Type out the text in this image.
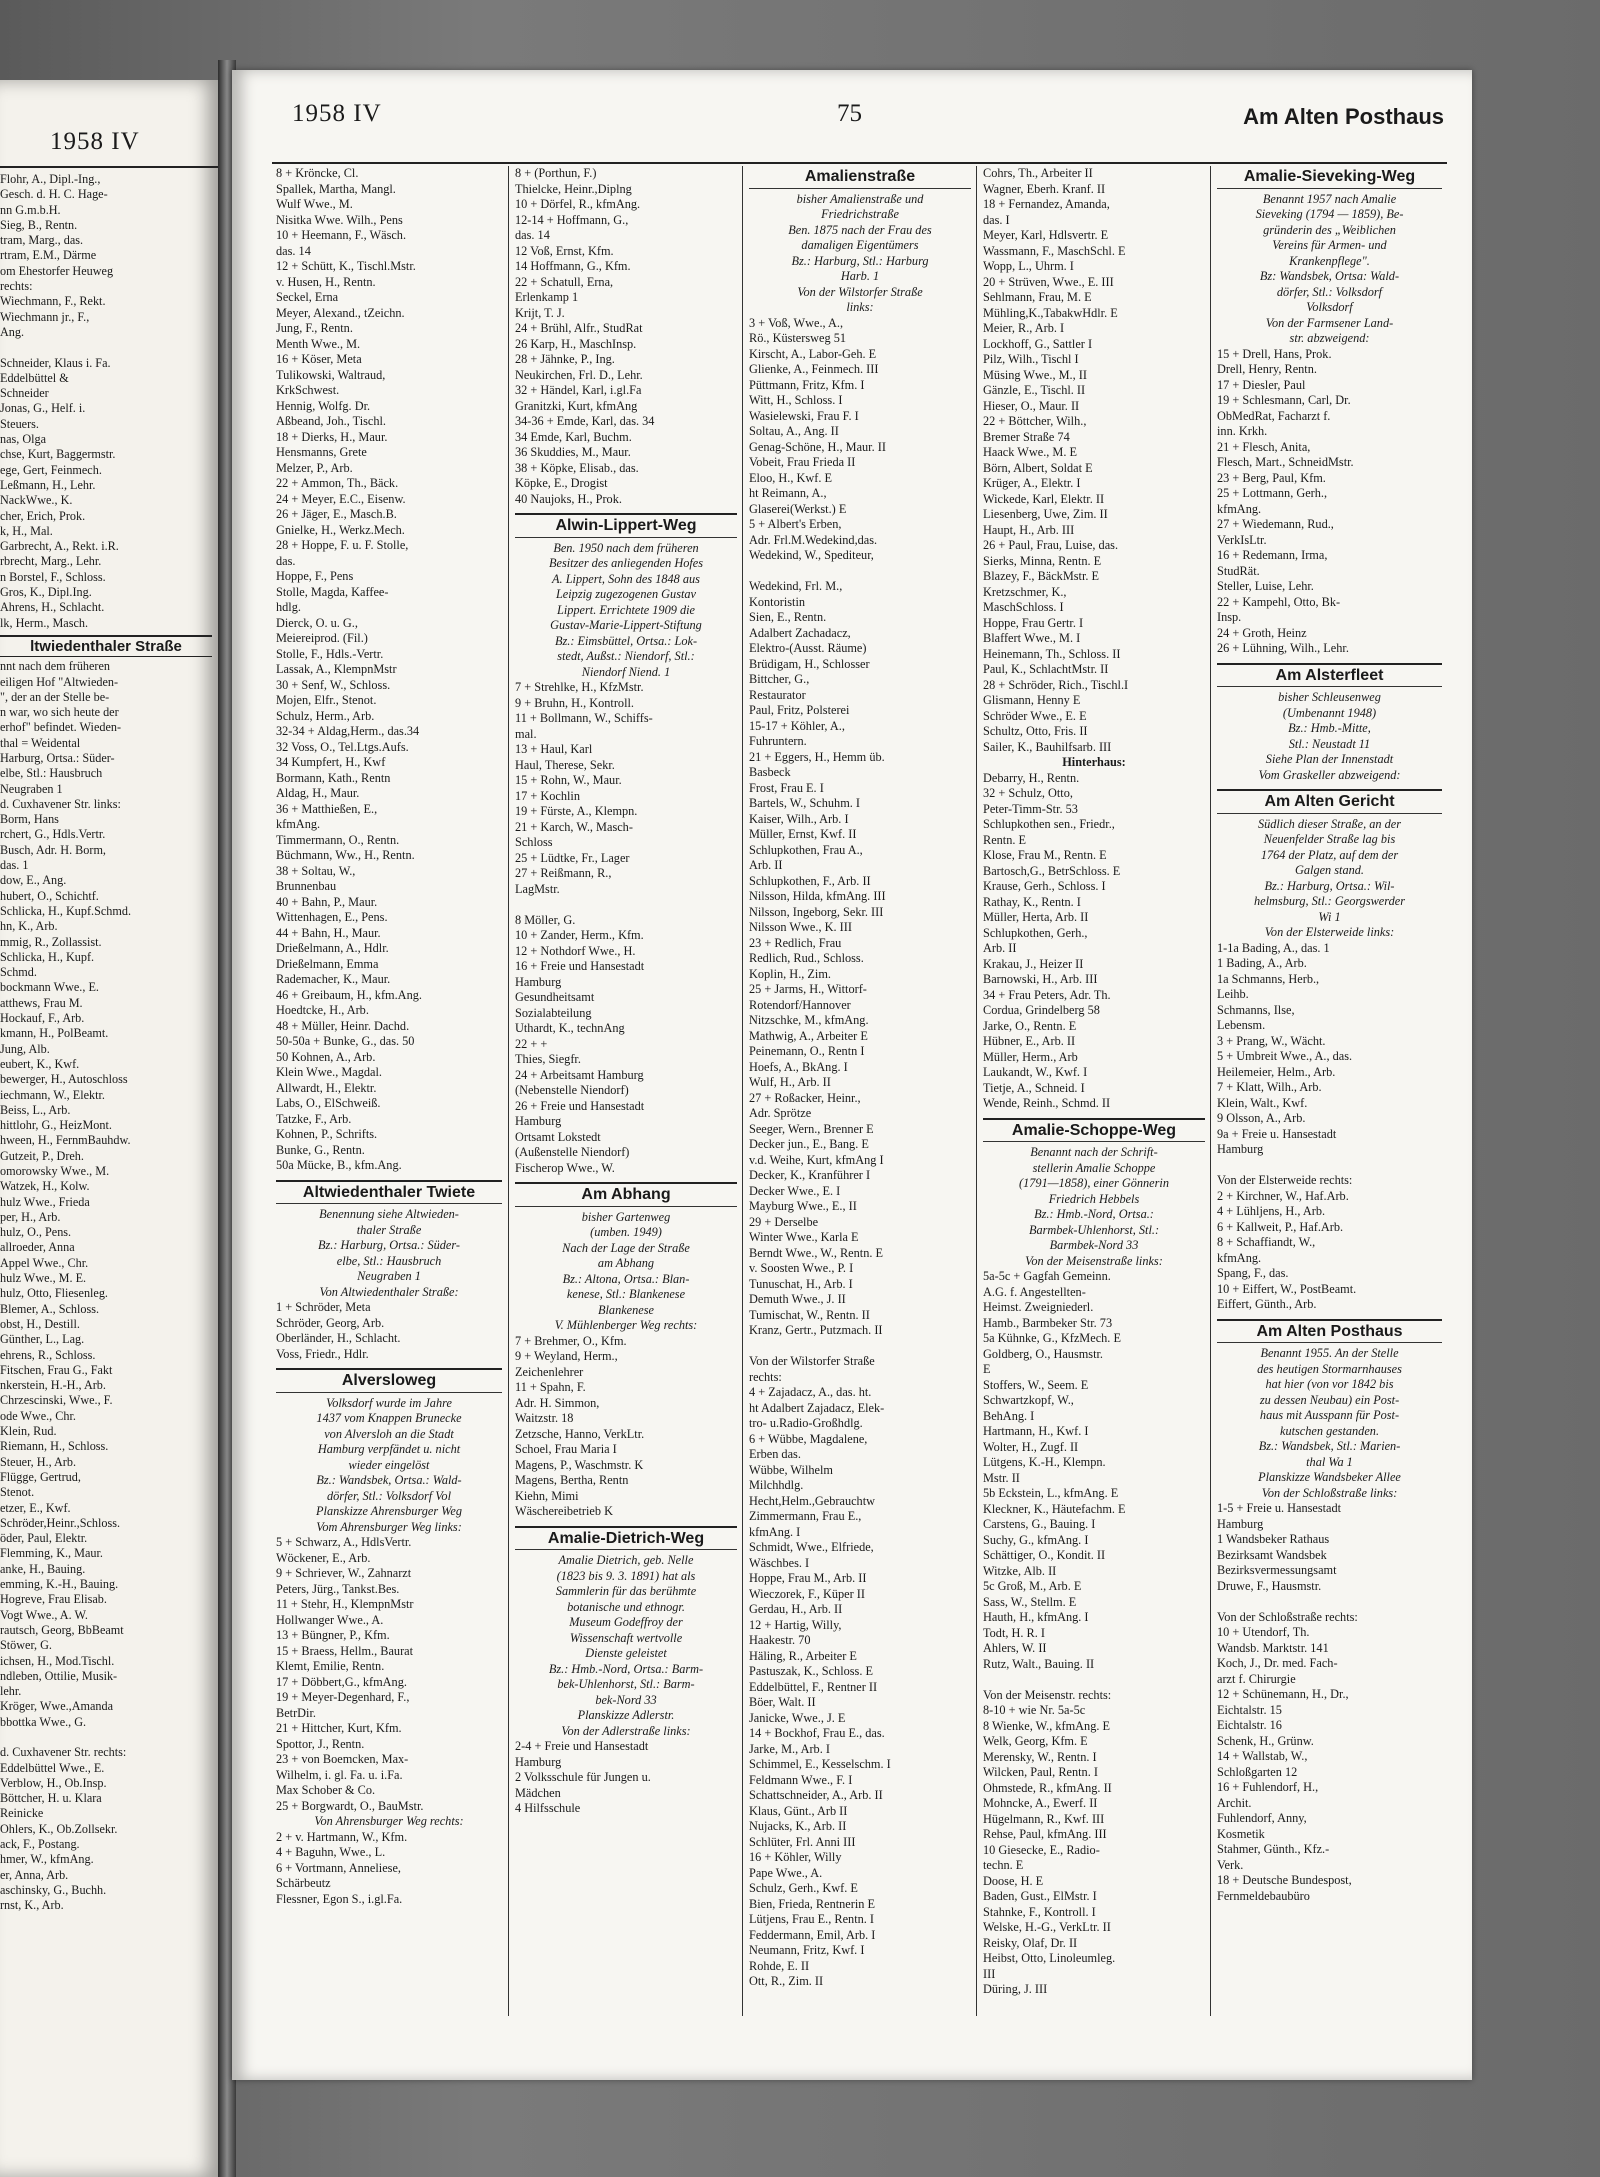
1958 IV
Flohr, A., Dipl.-Ing.,
Gesch. d. H. C. Hage-
nn G.m.b.H.
Sieg, B., Rentn.
tram, Marg., das.
rtram, E.M., Därme
om Ehestorfer Heuweg
rechts:
Wiechmann, F., Rekt.
Wiechmann jr., F.,
Ang.

Schneider, Klaus i. Fa.
Eddelbüttel &
Schneider
Jonas, G., Helf. i.
Steuers.
nas, Olga
chse, Kurt, Baggermstr.
ege, Gert, Feinmech.
Leßmann, H., Lehr.
NackWwe., K.
cher, Erich, Prok.
k, H., Mal.
Garbrecht, A., Rekt. i.R.
rbrecht, Marg., Lehr.
n Borstel, F., Schloss.
Gros, K., Dipl.Ing.
Ahrens, H., Schlacht.
lk, Herm., Masch.
ltwiedenthaler Straße
nnt nach dem früheren
eiligen Hof "Altwieden-
", der an der Stelle be-
n war, wo sich heute der
erhof" befindet. Wieden-
thal = Weidental
Harburg, Ortsa.: Süder-
elbe, Stl.: Hausbruch
Neugraben 1
d. Cuxhavener Str. links:
Borm, Hans
rchert, G., Hdls.Vertr.
Busch, Adr. H. Borm,
das. 1
dow, E., Ang.
hubert, O., Schichtf.
Schlicka, H., Kupf.Schmd.
hn, K., Arb.
mmig, R., Zollassist.
Schlicka, H., Kupf.
Schmd.
bockmann Wwe., E.
atthews, Frau M.
Hockauf, F., Arb.
kmann, H., PolBeamt.
Jung, Alb.
eubert, K., Kwf.
bewerger, H., Autoschloss
iechmann, W., Elektr.
Beiss, L., Arb.
hittlohr, G., HeizMont.
hween, H., FernmBauhdw.
Gutzeit, P., Dreh.
omorowsky Wwe., M.
Watzek, H., Kolw.
hulz Wwe., Frieda
per, H., Arb.
hulz, O., Pens.
allroeder, Anna
Appel Wwe., Chr.
hulz Wwe., M. E.
hulz, Otto, Fliesenleg.
Blemer, A., Schloss.
obst, H., Destill.
Günther, L., Lag.
ehrens, R., Schloss.
Fitschen, Frau G., Fakt
nkerstein, H.-H., Arb.
Chrzescinski, Wwe., F.
ode Wwe., Chr.
Klein, Rud.
Riemann, H., Schloss.
Steuer, H., Arb.
Flügge, Gertrud,
Stenot.
etzer, E., Kwf.
Schröder,Heinr.,Schloss.
öder, Paul, Elektr.
Flemming, K., Maur.
anke, H., Bauing.
emming, K.-H., Bauing.
Hogreve, Frau Elisab.
Vogt Wwe., A. W.
rautsch, Georg, BbBeamt
Stöwer, G.
ichsen, H., Mod.Tischl.
ndleben, Ottilie, Musik-
lehr.
Kröger, Wwe.,Amanda
bbottka Wwe., G.

d. Cuxhavener Str. rechts:
Eddelbüttel Wwe., E.
Verblow, H., Ob.Insp.
Böttcher, H. u. Klara
Reinicke
Ohlers, K., Ob.Zollsekr.
ack, F., Postang.
hmer, W., kfmAng.
er, Anna, Arb.
aschinsky, G., Buchh.
rnst, K., Arb.
1958 IV	75	Am Alten Posthaus
8 + Kröncke, Cl.
Spallek, Martha, Mangl.
Wulf Wwe., M.
Nisitka Wwe. Wilh., Pens
10 + Heemann, F., Wäsch.
das. 14
12 + Schütt, K., Tischl.Mstr.
v. Husen, H., Rentn.
Seckel, Erna
Meyer, Alexand., tZeichn.
Jung, F., Rentn.
Menth Wwe., M.
16 + Köser, Meta
Tulikowski, Waltraud,
KrkSchwest.
Hennig, Wolfg. Dr.
Aßbeand, Joh., Tischl.
18 + Dierks, H., Maur.
Hensmanns, Grete
Melzer, P., Arb.
22 + Ammon, Th., Bäck.
24 + Meyer, E.C., Eisenw.
26 + Jäger, E., Masch.B.
Gnielke, H., Werkz.Mech.
28 + Hoppe, F. u. F. Stolle,
das.
Hoppe, F., Pens
Stolle, Magda, Kaffee-
hdlg.
Dierck, O. u. G.,
Meiereiprod. (Fil.)
Stolle, F., Hdls.-Vertr.
Lassak, A., KlempnMstr
30 + Senf, W., Schloss.
Mojen, Elfr., Stenot.
Schulz, Herm., Arb.
32-34 + Aldag,Herm., das.34
32 Voss, O., Tel.Ltgs.Aufs.
34 Kumpfert, H., Kwf
Bormann, Kath., Rentn
Aldag, H., Maur.
36 + Matthießen, E.,
kfmAng.
Timmermann, O., Rentn.
Büchmann, Ww., H., Rentn.
38 + Soltau, W.,
Brunnenbau
40 + Bahn, P., Maur.
Wittenhagen, E., Pens.
44 + Bahn, H., Maur.
Drießelmann, A., Hdlr.
Drießelmann, Emma
Rademacher, K., Maur.
46 + Greibaum, H., kfm.Ang.
Hoedtcke, H., Arb.
48 + Müller, Heinr. Dachd.
50-50a + Bunke, G., das. 50
50 Kohnen, A., Arb.
Klein Wwe., Magdal.
Allwardt, H., Elektr.
Labs, O., ElSchweiß.
Tatzke, F., Arb.
Kohnen, P., Schrifts.
Bunke, G., Rentn.
50a Mücke, B., kfm.Ang.
Altwiedenthaler Twiete
Benennung siehe Altwieden-
thaler Straße
Bz.: Harburg, Ortsa.: Süder-
elbe, Stl.: Hausbruch
Neugraben 1
Von Altwiedenthaler Straße:
1 + Schröder, Meta
Schröder, Georg, Arb.
Oberländer, H., Schlacht.
Voss, Friedr., Hdlr.
Alversloweg
Volksdorf wurde im Jahre
1437 vom Knappen Brunecke
von Alversloh an die Stadt
Hamburg verpfändet u. nicht
wieder eingelöst
Bz.: Wandsbek, Ortsa.: Wald-
dörfer, Stl.: Volksdorf Vol
Planskizze Ahrensburger Weg
Vom Ahrensburger Weg links:
5 + Schwarz, A., HdlsVertr.
Wöckener, E., Arb.
9 + Schriever, W., Zahnarzt
Peters, Jürg., Tankst.Bes.
11 + Stehr, H., KlempnMstr
Hollwanger Wwe., A.
13 + Büngner, P., Kfm.
15 + Braess, Hellm., Baurat
Klemt, Emilie, Rentn.
17 + Döbbert,G., kfmAng.
19 + Meyer-Degenhard, F.,
BetrDir.
21 + Hittcher, Kurt, Kfm.
Spottor, J., Rentn.
23 + von Boemcken, Max-
Wilhelm, i. gl. Fa. u. i.Fa.
Max Schober & Co.
25 + Borgwardt, O., BauMstr.
Von Ahrensburger Weg rechts:
2 + v. Hartmann, W., Kfm.
4 + Baguhn, Wwe., L.
6 + Vortmann, Anneliese,
Schärbeutz
Flessner, Egon S., i.gl.Fa.
8 + (Porthun, F.)
Thielcke, Heinr.,Diplng
10 + Dörfel, R., kfmAng.
12-14 + Hoffmann, G.,
das. 14
12 Voß, Ernst, Kfm.
14 Hoffmann, G., Kfm.
22 + Schatull, Erna,
Erlenkamp 1
Krijt, T. J.
24 + Brühl, Alfr., StudRat
26 Karp, H., MaschInsp.
28 + Jähnke, P., Ing.
Neukirchen, Frl. D., Lehr.
32 + Händel, Karl, i.gl.Fa
Granitzki, Kurt, kfmAng
34-36 + Emde, Karl, das. 34
34 Emde, Karl, Buchm.
36 Skuddies, M., Maur.
38 + Köpke, Elisab., das.
Köpke, E., Drogist
40 Naujoks, H., Prok.
Alwin-Lippert-Weg
Ben. 1950 nach dem früheren
Besitzer des anliegenden Hofes
A. Lippert, Sohn des 1848 aus
Leipzig zugezogenen Gustav
Lippert. Errichtete 1909 die
Gustav-Marie-Lippert-Stiftung
Bz.: Eimsbüttel, Ortsa.: Lok-
stedt, Außst.: Niendorf, Stl.:
Niendorf Niend. 1
7 + Strehlke, H., KfzMstr.
9 + Bruhn, H., Kontroll.
11 + Bollmann, W., Schiffs-
mal.
13 + Haul, Karl
Haul, Therese, Sekr.
15 + Rohn, W., Maur.
17 + Kochlin
19 + Fürste, A., Klempn.
21 + Karch, W., Masch-
Schloss
25 + Lüdtke, Fr., Lager
27 + Reißmann, R.,
LagMstr.

8 Möller, G.
10 + Zander, Herm., Kfm.
12 + Nothdorf Wwe., H.
16 + Freie und Hansestadt
Hamburg
Gesundheitsamt
Sozialabteilung
Uthardt, K., technAng
22 + +
Thies, Siegfr.
24 + Arbeitsamt Hamburg
(Nebenstelle Niendorf)
26 + Freie und Hansestadt
Hamburg
Ortsamt Lokstedt
(Außenstelle Niendorf)
Fischerop Wwe., W.
Am Abhang
bisher Gartenweg
(umben. 1949)
Nach der Lage der Straße
am Abhang
Bz.: Altona, Ortsa.: Blan-
kenese, Stl.: Blankenese
Blankenese
V. Mühlenberger Weg rechts:
7 + Brehmer, O., Kfm.
9 + Weyland, Herm.,
Zeichenlehrer
11 + Spahn, F.
Adr. H. Simmon,
Waitzstr. 18
Zetzsche, Hanno, VerkLtr.
Schoel, Frau Maria I
Magens, P., Waschmstr. K
Magens, Bertha, Rentn
Kiehn, Mimi
Wäschereibetrieb K
Amalie-Dietrich-Weg
Amalie Dietrich, geb. Nelle
(1823 bis 9. 3. 1891) hat als
Sammlerin für das berühmte
botanische und ethnogr.
Museum Godeffroy der
Wissenschaft wertvolle
Dienste geleistet
Bz.: Hmb.-Nord, Ortsa.: Barm-
bek-Uhlenhorst, Stl.: Barm-
bek-Nord 33
Planskizze Adlerstr.
Von der Adlerstraße links:
2-4 + Freie und Hansestadt
Hamburg
2 Volksschule für Jungen u.
Mädchen
4 Hilfsschule
Amalienstraße
bisher Amalienstraße und
Friedrichstraße
Ben. 1875 nach der Frau des
damaligen Eigentümers
Bz.: Harburg, Stl.: Harburg
Harb. 1
Von der Wilstorfer Straße
links:
3 + Voß, Wwe., A.,
Rö., Küstersweg 51
Kirscht, A., Labor-Geh. E
Glienke, A., Feinmech. III
Püttmann, Fritz, Kfm. I
Witt, H., Schloss. I
Wasielewski, Frau F. I
Soltau, A., Ang. II
Genag-Schöne, H., Maur. II
Vobeit, Frau Frieda II
Eloo, H., Kwf. E
ht Reimann, A.,
Glaserei(Werkst.) E
5 + Albert's Erben,
Adr. Frl.M.Wedekind,das.
Wedekind, W., Spediteur,

Wedekind, Frl. M.,
Kontoristin
Sien, E., Rentn.
Adalbert Zachadacz,
Elektro-(Ausst. Räume)
Brüdigam, H., Schlosser
Bittcher, G.,
Restaurator
Paul, Fritz, Polsterei
15-17 + Köhler, A.,
Fuhruntern.
21 + Eggers, H., Hemm üb.
Basbeck
Frost, Frau E. I
Bartels, W., Schuhm. I
Kaiser, Wilh., Arb. I
Müller, Ernst, Kwf. II
Schlupkothen, Frau A.,
Arb. II
Schlupkothen, F., Arb. II
Nilsson, Hilda, kfmAng. III
Nilsson, Ingeborg, Sekr. III
Nilsson Wwe., K. III
23 + Redlich, Frau
Redlich, Rud., Schloss.
Koplin, H., Zim.
25 + Jarms, H., Wittorf-
Rotendorf/Hannover
Nitzschke, M., kfmAng.
Mathwig, A., Arbeiter E
Peinemann, O., Rentn I
Hoefs, A., BkAng. I
Wulf, H., Arb. II
27 + Roßacker, Heinr.,
Adr. Sprötze
Seeger, Wern., Brenner E
Decker jun., E., Bang. E
v.d. Weihe, Kurt, kfmAng I
Decker, K., Kranführer I
Decker Wwe., E. I
Mayburg Wwe., E., II
29 + Derselbe
Winter Wwe., Karla E
Berndt Wwe., W., Rentn. E
v. Soosten Wwe., P. I
Tunuschat, H., Arb. I
Demuth Wwe., J. II
Tumischat, W., Rentn. II
Kranz, Gertr., Putzmach. II

Von der Wilstorfer Straße
rechts:
4 + Zajadacz, A., das. ht.
ht Adalbert Zajadacz, Elek-
tro- u.Radio-Großhdlg.
6 + Wübbe, Magdalene,
Erben das.
Wübbe, Wilhelm
Milchhdlg.
Hecht,Helm.,Gebrauchtw
Zimmermann, Frau E.,
kfmAng. I
Schmidt, Wwe., Elfriede,
Wäschbes. I
Hoppe, Frau M., Arb. II
Wieczorek, F., Küper II
Gerdau, H., Arb. II
12 + Hartig, Willy,
Haakestr. 70
Häling, R., Arbeiter E
Pastuszak, K., Schloss. E
Eddelbüttel, F., Rentner II
Böer, Walt. II
Janicke, Wwe., J. E
14 + Bockhof, Frau E., das.
Jarke, M., Arb. I
Schimmel, E., Kesselschm. I
Feldmann Wwe., F. I
Schattschneider, A., Arb. II
Klaus, Günt., Arb II
Nujacks, K., Arb. II
Schlüter, Frl. Anni III
16 + Köhler, Willy
Pape Wwe., A.
Schulz, Gerh., Kwf. E
Bien, Frieda, Rentnerin E
Lütjens, Frau E., Rentn. I
Feddermann, Emil, Arb. I
Neumann, Fritz, Kwf. I
Rohde, E. II
Ott, R., Zim. II
Cohrs, Th., Arbeiter II
Wagner, Eberh. Kranf. II
18 + Fernandez, Amanda,
das. I
Meyer, Karl, Hdlsvertr. E
Wassmann, F., MaschSchl. E
Wopp, L., Uhrm. I
20 + Strüven, Wwe., E. III
Sehlmann, Frau, M. E
Mühling,K.,TabakwHdlr. E
Meier, R., Arb. I
Lockhoff, G., Sattler I
Pilz, Wilh., Tischl I
Müsing Wwe., M., II
Gänzle, E., Tischl. II
Hieser, O., Maur. II
22 + Böttcher, Wilh.,
Bremer Straße 74
Haack Wwe., M. E
Börn, Albert, Soldat E
Krüger, A., Elektr. I
Wickede, Karl, Elektr. II
Liesenberg, Uwe, Zim. II
Haupt, H., Arb. III
26 + Paul, Frau, Luise, das.
Sierks, Minna, Rentn. E
Blazey, F., BäckMstr. E
Kretzschmer, K.,
MaschSchloss. I
Hoppe, Frau Gertr. I
Blaffert Wwe., M. I
Heinemann, Th., Schloss. II
Paul, K., SchlachtMstr. II
28 + Schröder, Rich., Tischl.I
Glismann, Henny E
Schröder Wwe., E. E
Schultz, Otto, Fris. II
Sailer, K., Bauhilfsarb. III
Hinterhaus:
Debarry, H., Rentn.
32 + Schulz, Otto,
Peter-Timm-Str. 53
Schlupkothen sen., Friedr.,
Rentn. E
Klose, Frau M., Rentn. E
Bartosch,G., BetrSchloss. E
Krause, Gerh., Schloss. I
Rathay, K., Rentn. I
Müller, Herta, Arb. II
Schlupkothen, Gerh.,
Arb. II
Krakau, J., Heizer II
Barnowski, H., Arb. III
34 + Frau Peters, Adr. Th.
Cordua, Grindelberg 58
Jarke, O., Rentn. E
Hübner, E., Arb. II
Müller, Herm., Arb
Laukandt, W., Kwf. I
Tietje, A., Schneid. I
Wende, Reinh., Schmd. II
Amalie-Schoppe-Weg
Benannt nach der Schrift-
stellerin Amalie Schoppe
(1791—1858), einer Gönnerin
Friedrich Hebbels
Bz.: Hmb.-Nord, Ortsa.:
Barmbek-Uhlenhorst, Stl.:
Barmbek-Nord 33
Von der Meisenstraße links:
5a-5c + Gagfah Gemeinn.
A.G. f. Angestellten-
Heimst. Zweigniederl.
Hamb., Barmbeker Str. 73
5a Kühnke, G., KfzMech. E
Goldberg, O., Hausmstr.
E
Stoffers, W., Seem. E
Schwartzkopf, W.,
BehAng. I
Hartmann, H., Kwf. I
Wolter, H., Zugf. II
Lütgens, K.-H., Klempn.
Mstr. II
5b Eckstein, L., kfmAng. E
Kleckner, K., Häutefachm. E
Carstens, G., Bauing. I
Suchy, G., kfmAng. I
Schättiger, O., Kondit. II
Witzke, Alb. II
5c Groß, M., Arb. E
Sass, W., Stellm. E
Hauth, H., kfmAng. I
Todt, H. R. I
Ahlers, W. II
Rutz, Walt., Bauing. II

Von der Meisenstr. rechts:
8-10 + wie Nr. 5a-5c
8 Wienke, W., kfmAng. E
Welk, Georg, Kfm. E
Merensky, W., Rentn. I
Wilcken, Paul, Rentn. I
Ohmstede, R., kfmAng. II
Mohncke, A., Ewerf. II
Hügelmann, R., Kwf. III
Rehse, Paul, kfmAng. III
10 Giesecke, E., Radio-
techn. E
Doose, H. E
Baden, Gust., ElMstr. I
Stahnke, F., Kontroll. I
Welske, H.-G., VerkLtr. II
Reisky, Olaf, Dr. II
Heibst, Otto, Linoleumleg.
III
Düring, J. III
Amalie-Sieveking-Weg
Benannt 1957 nach Amalie
Sieveking (1794 — 1859), Be-
gründerin des „Weiblichen
Vereins für Armen- und
Krankenpflege".
Bz: Wandsbek, Ortsa: Wald-
dörfer, Stl.: Volksdorf
Volksdorf
Von der Farmsener Land-
str. abzweigend:
15 + Drell, Hans, Prok.
Drell, Henry, Rentn.
17 + Diesler, Paul
19 + Schlesmann, Carl, Dr.
ObMedRat, Facharzt f.
inn. Krkh.
21 + Flesch, Anita,
Flesch, Mart., SchneidMstr.
23 + Berg, Paul, Kfm.
25 + Lottmann, Gerh.,
kfmAng.
27 + Wiedemann, Rud.,
VerkIsLtr.
16 + Redemann, Irma,
StudRät.
Steller, Luise, Lehr.
22 + Kampehl, Otto, Bk-
Insp.
24 + Groth, Heinz
26 + Lühning, Wilh., Lehr.
Am Alsterfleet
bisher Schleusenweg
(Umbenannt 1948)
Bz.: Hmb.-Mitte,
Stl.: Neustadt 11
Siehe Plan der Innenstadt
Vom Graskeller abzweigend:
Am Alten Gericht
Südlich dieser Straße, an der
Neuenfelder Straße lag bis
1764 der Platz, auf dem der
Galgen stand.
Bz.: Harburg, Ortsa.: Wil-
helmsburg, Stl.: Georgswerder
Wi 1
Von der Elsterweide links:
1-1a Bading, A., das. 1
1 Bading, A., Arb.
1a Schmanns, Herb.,
Leihb.
Schmanns, Ilse,
Lebensm.
3 + Prang, W., Wächt.
5 + Umbreit Wwe., A., das.
Heilemeier, Helm., Arb.
7 + Klatt, Wilh., Arb.
Klein, Walt., Kwf.
9 Olsson, A., Arb.
9a + Freie u. Hansestadt
Hamburg

Von der Elsterweide rechts:
2 + Kirchner, W., Haf.Arb.
4 + Lühljens, H., Arb.
6 + Kallweit, P., Haf.Arb.
8 + Schaffiandt, W.,
kfmAng.
Spang, F., das.
10 + Eiffert, W., PostBeamt.
Eiffert, Günth., Arb.
Am Alten Posthaus
Benannt 1955. An der Stelle
des heutigen Stormarnhauses
hat hier (von vor 1842 bis
zu dessen Neubau) ein Post-
haus mit Ausspann für Post-
kutschen gestanden.
Bz.: Wandsbek, Stl.: Marien-
thal Wa 1
Planskizze Wandsbeker Allee
Von der Schloßstraße links:
1-5 + Freie u. Hansestadt
Hamburg
1 Wandsbeker Rathaus
Bezirksamt Wandsbek
Bezirksvermessungsamt
Druwe, F., Hausmstr.

Von der Schloßstraße rechts:
10 + Utendorf, Th.
Wandsb. Marktstr. 141
Koch, J., Dr. med. Fach-
arzt f. Chirurgie
12 + Schünemann, H., Dr.,
Eichtalstr. 15
Eichtalstr. 16
Schenk, H., Grünw.
14 + Wallstab, W.,
Schloßgarten 12
16 + Fuhlendorf, H.,
Archit.
Fuhlendorf, Anny,
Kosmetik
Stahmer, Günth., Kfz.-
Verk.
18 + Deutsche Bundespost,
Fernmeldebaubüro
